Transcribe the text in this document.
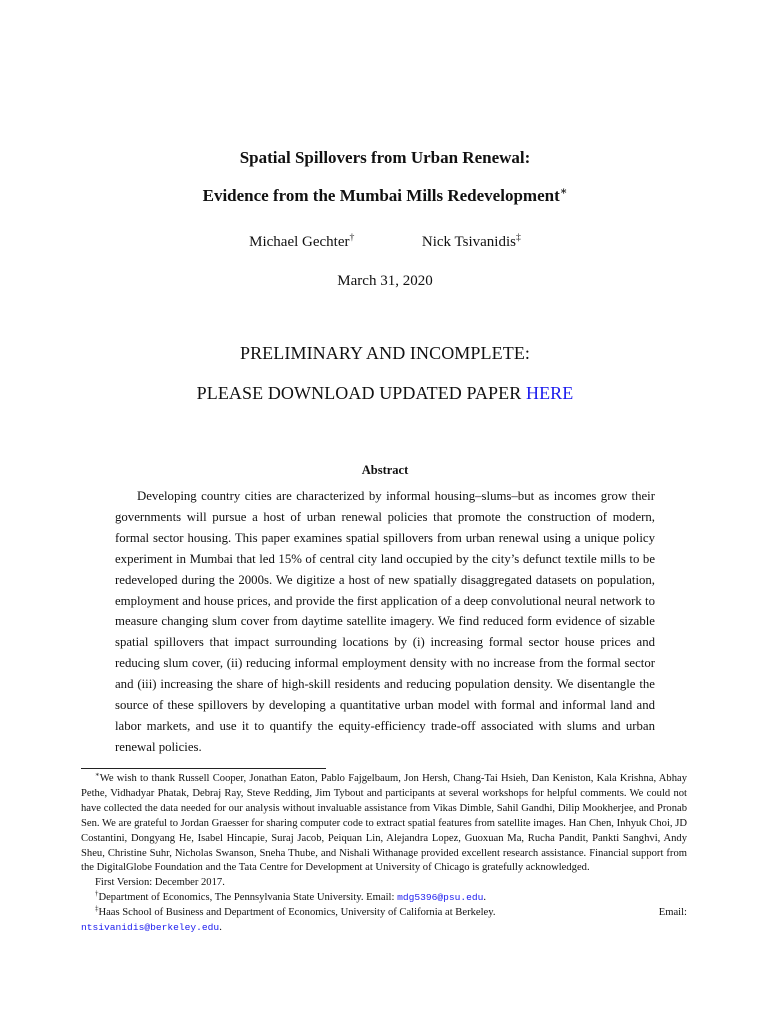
Spatial Spillovers from Urban Renewal:
Evidence from the Mumbai Mills Redevelopment∗
Michael Gechter†	Nick Tsivanidis‡
March 31, 2020
PRELIMINARY AND INCOMPLETE:
PLEASE DOWNLOAD UPDATED PAPER HERE
Abstract

Developing country cities are characterized by informal housing–slums–but as incomes grow their governments will pursue a host of urban renewal policies that promote the construction of modern, formal sector housing. This paper examines spatial spillovers from urban renewal using a unique policy experiment in Mumbai that led 15% of central city land occupied by the city’s defunct textile mills to be redeveloped during the 2000s. We digitize a host of new spatially disaggregated datasets on population, employment and house prices, and provide the first application of a deep convolutional neural network to measure changing slum cover from daytime satellite imagery. We find reduced form evidence of sizable spatial spillovers that impact surrounding locations by (i) increasing formal sector house prices and reducing slum cover, (ii) reducing informal employment density with no increase from the formal sector and (iii) increasing the share of high-skill residents and reducing population density. We disentangle the source of these spillovers by developing a quantitative urban model with formal and informal land and labor markets, and use it to quantify the equity-efficiency trade-off associated with slums and urban renewal policies.

∗We wish to thank Russell Cooper, Jonathan Eaton, Pablo Fajgelbaum, Jon Hersh, Chang-Tai Hsieh, Dan Keniston, Kala Krishna, Abhay Pethe, Vidhadyar Phatak, Debraj Ray, Steve Redding, Jim Tybout and participants at several workshops for helpful comments. We could not have collected the data needed for our analysis without invaluable assistance from Vikas Dimble, Sahil Gandhi, Dilip Mookherjee, and Pronab Sen. We are grateful to Jordan Graesser for sharing computer code to extract spatial features from satellite images. Han Chen, Inhyuk Choi, JD Costantini, Dongyang He, Isabel Hincapie, Suraj Jacob, Peiquan Lin, Alejandra Lopez, Guoxuan Ma, Rucha Pandit, Pankti Sanghvi, Andy Sheu, Christine Suhr, Nicholas Swanson, Sneha Thube, and Nishali Withanage provided excellent research assistance. Financial support from the DigitalGlobe Foundation and the Tata Centre for Development at University of Chicago is gratefully acknowledged.

First Version: December 2017.

†Department of Economics, The Pennsylvania State University. Email: mdg5396@psu.edu.

‡Haas School of Business and Department of Economics, University of California at Berkeley.	Email:

ntsivanidis@berkeley.edu.
